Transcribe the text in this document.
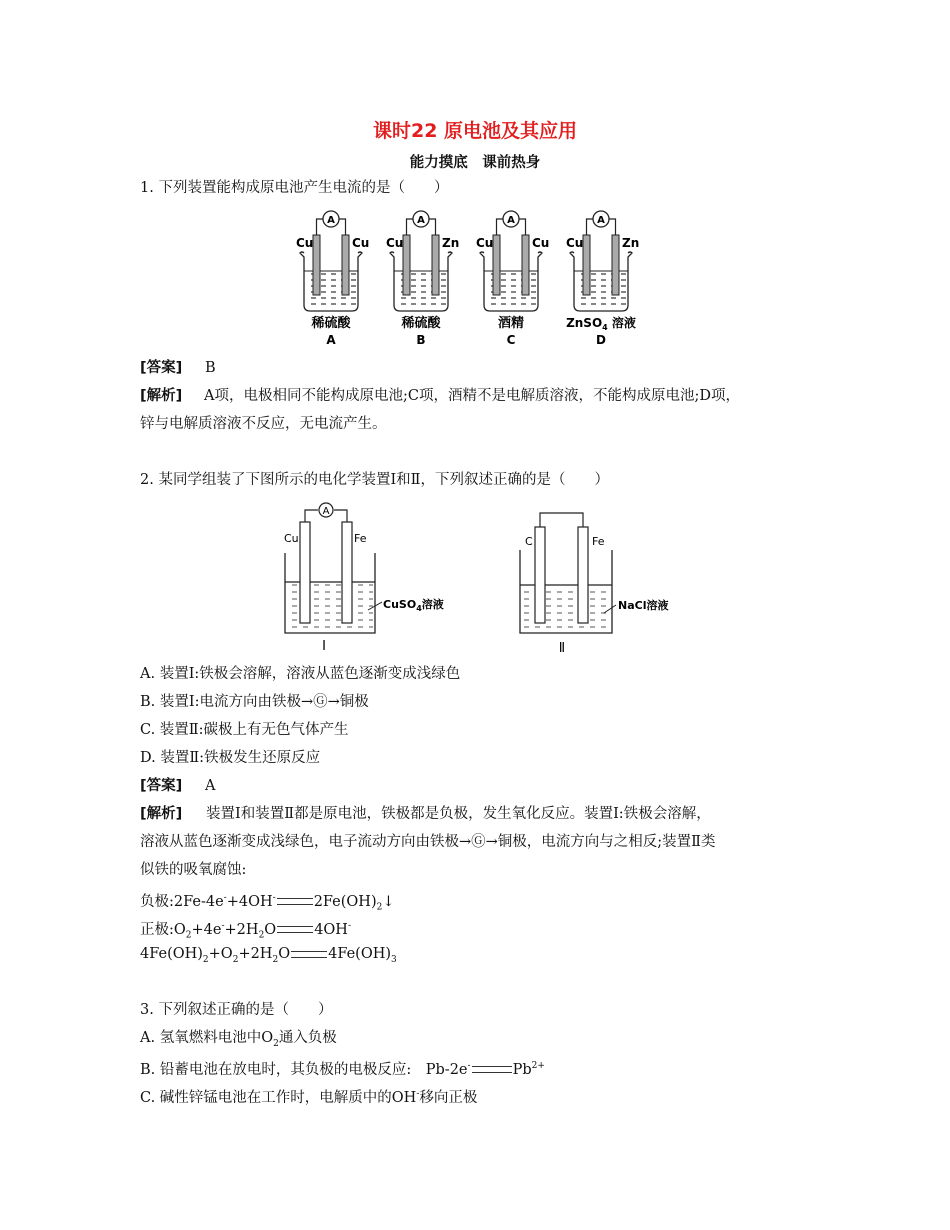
课时22 原电池及其应用
能力摸底　课前热身
1. 下列装置能构成原电池产生电流的是（　　）
A
Cu	Cu
稀硫酸
A
A
Cu	Zn
稀硫酸
B
A
Cu	Cu
酒精
C
A
Cu	Zn
ZnSO$_4$ 溶液
D
[答案] B
[解析] A项，电极相同不能构成原电池;C项，酒精不是电解质溶液，不能构成原电池;D项，
锌与电解质溶液不反应，无电流产生。
2. 某同学组装了下图所示的电化学装置Ⅰ和Ⅱ，下列叙述正确的是（　　）
A
Cu	Fe
CuSO$_4$溶液
Ⅰ
C	Fe
NaCl溶液
Ⅱ
A. 装置Ⅰ:铁极会溶解，溶液从蓝色逐渐变成浅绿色
B. 装置Ⅰ:电流方向由铁极→Ⓖ→铜极
C. 装置Ⅱ:碳极上有无色气体产生
D. 装置Ⅱ:铁极发生还原反应
[答案] A
[解析] 装置Ⅰ和装置Ⅱ都是原电池，铁极都是负极，发生氧化反应。装置Ⅰ:铁极会溶解，
溶液从蓝色逐渐变成浅绿色，电子流动方向由铁极→Ⓖ→铜极，电流方向与之相反;装置Ⅱ类
似铁的吸氧腐蚀:
负极:2Fe-4e-+4OH-	$2Fe(OH)_2↓$
正极$:O_2+4e^-+2H_2O$	4OH-
$4Fe(OH)_2+O_2+2H_2O$	$4Fe(OH)_3$
3. 下列叙述正确的是（　　）
A. 氢氧燃料电池中$O_2$通入负极
B. 铅蓄电池在放电时，其负极的电极反应:　Pb-2e-	$Pb^{2+}$
C. 碱性锌锰电池在工作时，电解质中的OH-移向正极
